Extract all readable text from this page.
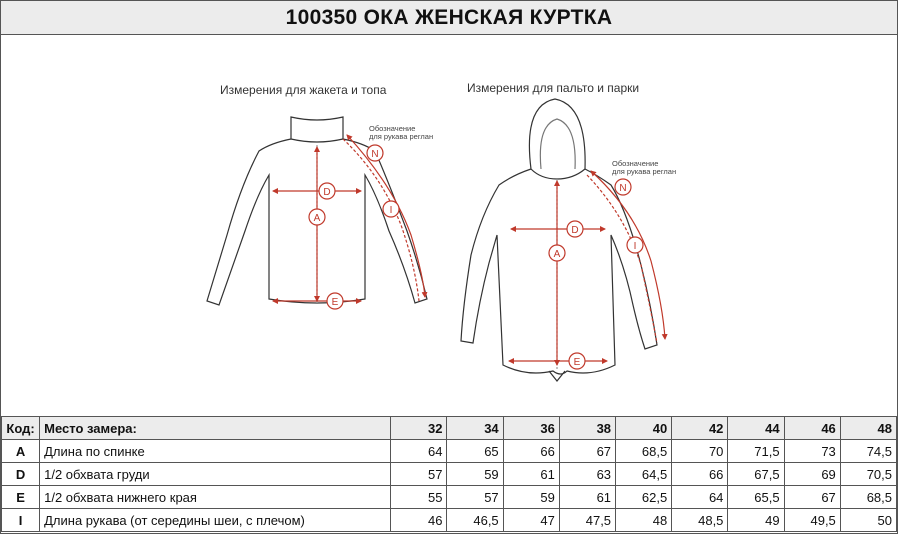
100350 ОКА ЖЕНСКАЯ КУРТКА
Измерения для жакета и топа	Измерения для пальто и парки
Обозначение
для рукава реглан
Обозначение
для рукава реглан
A
D
E
N
I
A
D
E
N
I
Код:	Место замера:	32	34	36	38	40	42	44	46	48
A	Длина по спинке	64	65	66	67	68,5	70	71,5	73	74,5
D	1/2 обхвата груди	57	59	61	63	64,5	66	67,5	69	70,5
E	1/2 обхвата нижнего края	55	57	59	61	62,5	64	65,5	67	68,5
I	Длина рукава (от середины шеи, с плечом)	46	46,5	47	47,5	48	48,5	49	49,5	50
